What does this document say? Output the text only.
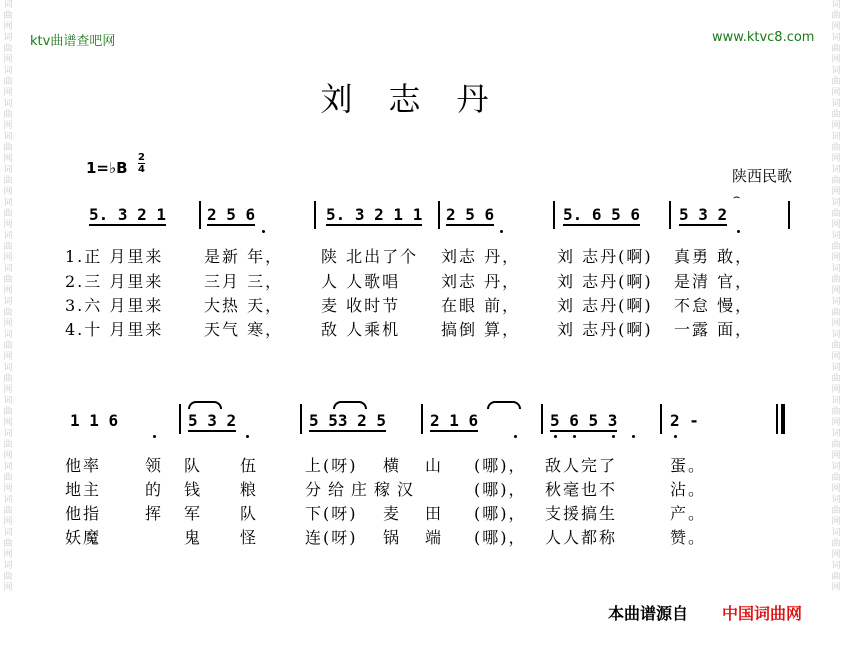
词曲网词曲网词曲网词曲网词曲网词曲网词曲网词曲网词曲网词曲网词曲网词曲网词曲网词曲网词曲网词曲网词曲网词曲网
词曲网词曲网词曲网词曲网词曲网词曲网词曲网词曲网词曲网词曲网词曲网词曲网词曲网词曲网词曲网词曲网词曲网词曲网
ktv曲谱查吧网	www.ktvc8.com
刘志丹
1=♭B
2
4	陕西民歌
5. 3 2 1	2 5 6	5. 3 2 1 1 2 5 6	5. 6 5 6 5 3 2
⌢
1.正 月里来	是新 年， 陕 北出了个 刘志 丹， 刘 志丹(啊) 真勇 敢，
2.三 月里来	三月 三， 人 人歌唱	刘志 丹， 刘 志丹(啊) 是清 官，
3.六 月里来	大热 天， 麦 收时节	在眼 前， 刘 志丹(啊) 不怠 慢，
4.十 月里来	天气 寒， 敌 人乘机	搞倒 算， 刘 志丹(啊) 一露 面，
1 1 6	5 3 2	5 53 2 5	2 1 6	5 6 5 3	2 -
他率	领 队 伍	上(呀) 横 山 (哪)， 敌人完了	蛋。
地主	的 钱 粮	分给庄稼汉	(哪)， 秋毫也不	沾。
他指	挥 军 队	下(呀) 麦 田 (哪)， 支援搞生	产。
妖魔	鬼 怪	连(呀) 锅 端 (哪)， 人人都称	赞。
本曲谱源自 中国词曲网
